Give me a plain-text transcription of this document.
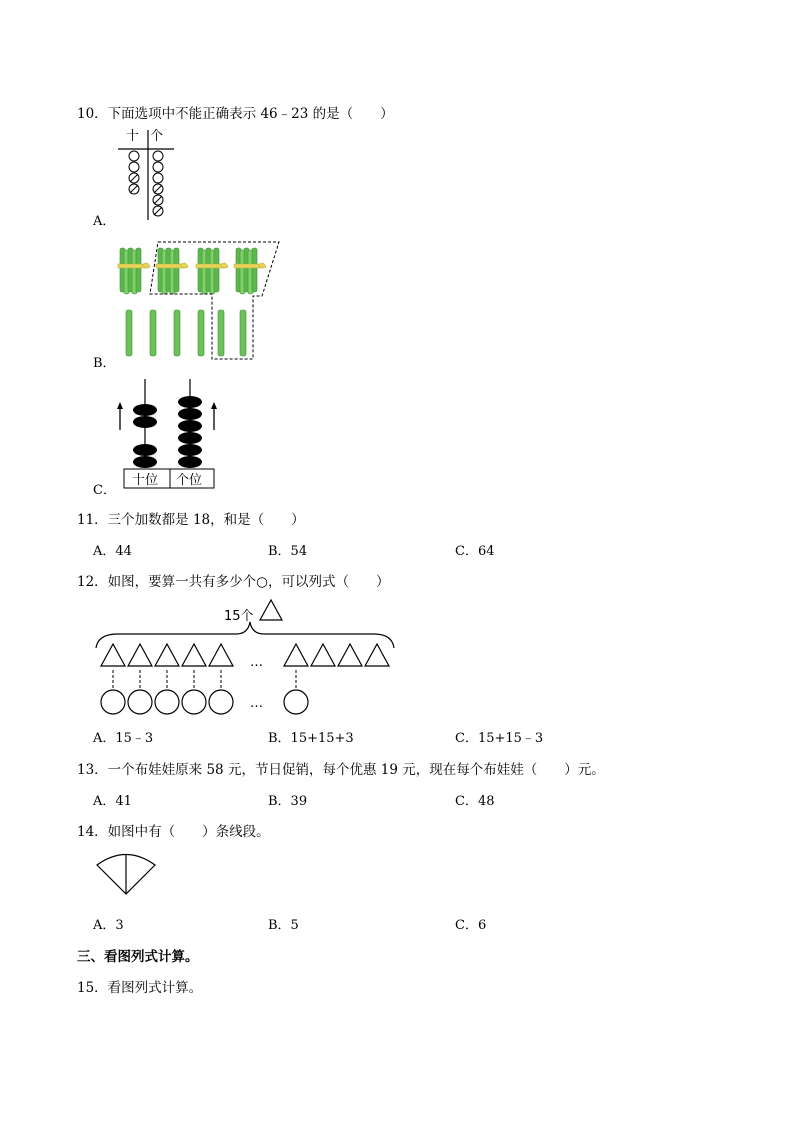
10．下面选项中不能正确表示 46﹣23 的是（　　）
十 个
A．
B．
十位 个位
C．
11．三个加数都是 18，和是（　　）
A．44	B．54	C．64
12．如图，要算一共有多少个○，可以列式（　　）
15个
…
…
A．15﹣3	B．15+15+3	C．15+15﹣3
13．一个布娃娃原来 58 元，节日促销，每个优惠 19 元，现在每个布娃娃（　　）元。
A．41	B．39	C．48
14．如图中有（　　）条线段。
A．3	B．5	C．6
三、看图列式计算。
15．看图列式计算。
